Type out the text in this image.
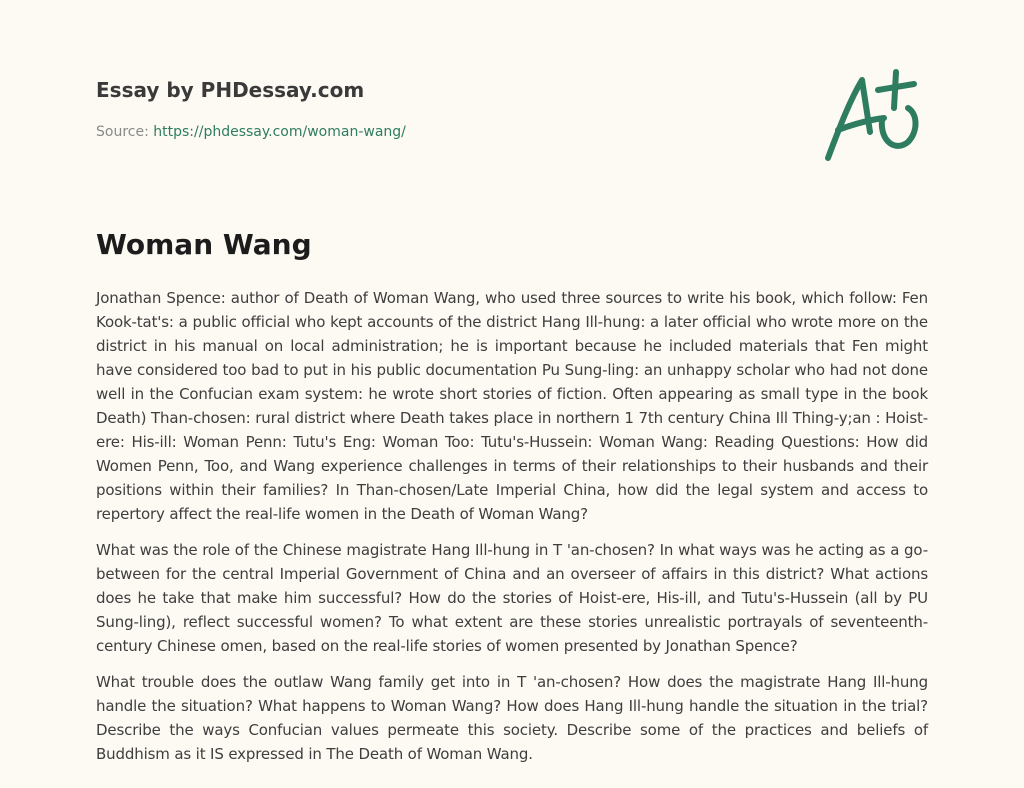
Essay by PHDessay.com

Source: https://phdessay.com/woman-wang/
Woman Wang

Jonathan Spence: author of Death of Woman Wang, who used three sources to write his book, which follow: Fen Kook-tat's: a public official who kept accounts of the district Hang Ill-hung: a later official who wrote more on the district in his manual on local administration; he is important because he included materials that Fen might have considered too bad to put in his public documentation Pu Sung-ling: an unhappy scholar who had not done well in the Confucian exam system: he wrote short stories of fiction. Often appearing as small type in the book Death) Than-chosen: rural district where Death takes place in northern 1 7th century China Ill Thing-y;an : Hoist-ere: His-ill: Woman Penn: Tutu's Eng: Woman Too: Tutu's-Hussein: Woman Wang: Reading Questions: How did Women Penn, Too, and Wang experience challenges in terms of their relationships to their husbands and their positions within their families? In Than-chosen/Late Imperial China, how did the legal system and access to repertory affect the real-life women in the Death of Woman Wang?

What was the role of the Chinese magistrate Hang Ill-hung in T 'an-chosen? In what ways was he acting as a go-between for the central Imperial Government of China and an overseer of affairs in this district? What actions does he take that make him successful? How do the stories of Hoist-ere, His-ill, and Tutu's-Hussein (all by PU Sung-ling), reflect successful women? To what extent are these stories unrealistic portrayals of seventeenth-century Chinese omen, based on the real-life stories of women presented by Jonathan Spence?

What trouble does the outlaw Wang family get into in T 'an-chosen? How does the magistrate Hang Ill-hung handle the situation? What happens to Woman Wang? How does Hang Ill-hung handle the situation in the trial? Describe the ways Confucian values permeate this society. Describe some of the practices and beliefs of Buddhism as it IS expressed in The Death of Woman Wang.
